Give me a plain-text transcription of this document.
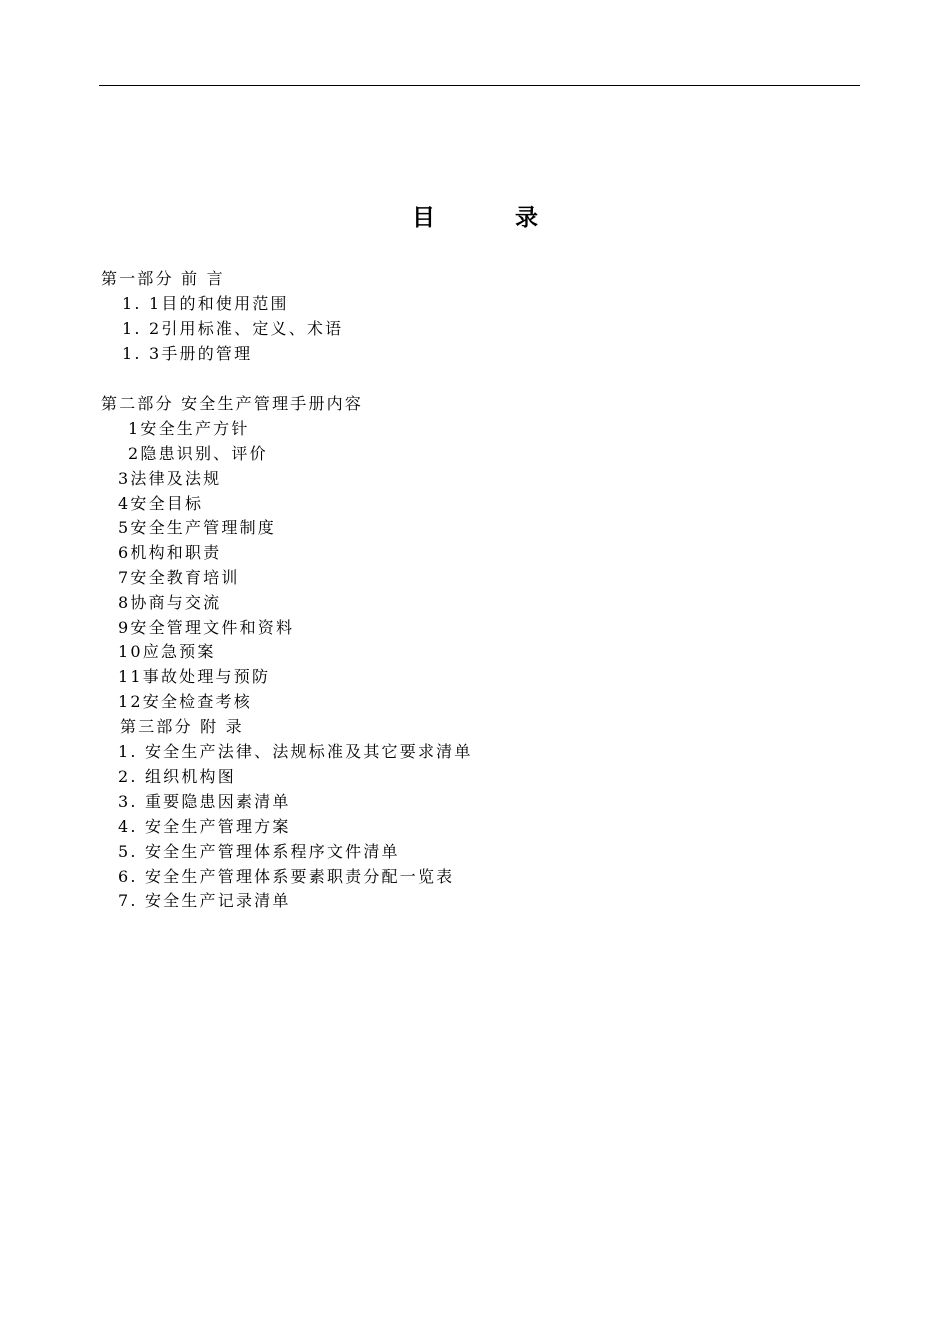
目 录
第一部分 前 言
1. 1目的和使用范围
1. 2引用标准、定义、术语
1. 3手册的管理
第二部分 安全生产管理手册内容
1安全生产方针
2隐患识别、评价
3法律及法规
4安全目标
5安全生产管理制度
6机构和职责
7安全教育培训
8协商与交流
9安全管理文件和资料
10应急预案
11事故处理与预防
12安全检查考核
第三部分 附 录
1. 安全生产法律、法规标准及其它要求清单
2. 组织机构图
3. 重要隐患因素清单
4. 安全生产管理方案
5. 安全生产管理体系程序文件清单
6. 安全生产管理体系要素职责分配一览表
7. 安全生产记录清单
